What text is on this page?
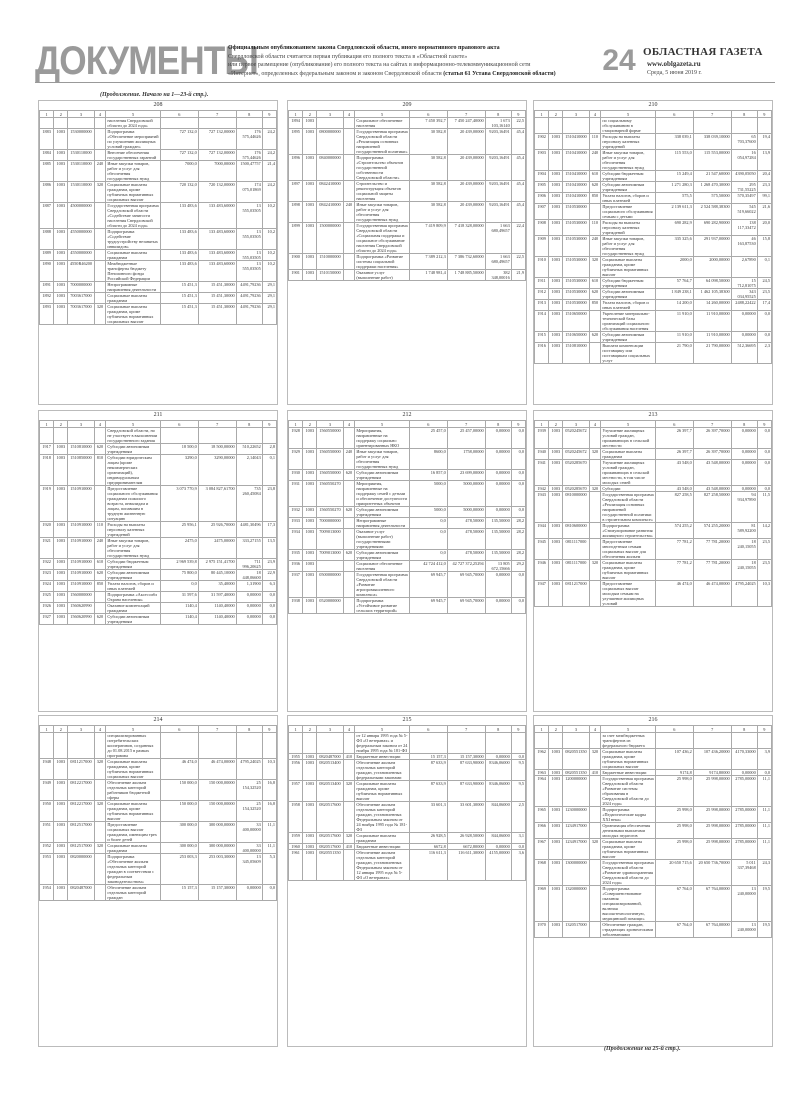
ДОКУМЕНТЫ
Официальным опубликованием закона Свердловской области, иного нормативного правового акта
Свердловской области считается первая публикация его полного текста в «Областной газете»
или первое размещение (опубликование) его полного текста на сайтах в информационно-телекоммуникационной сети
«Интернет», определенных федеральным законом и законом Свердловской области (статья 61 Устава Свердловской области)	24 ОБЛАСТНАЯ ГАЗЕТА
www.oblgazeta.ru
Среда, 5 июня 2019 г.
(Продолжение. Начало на 1—23-й стр.).
208
1	2	3	4	5	6	7	8	9
				населения Свердловской области до 2024 года»				
1883	1003	1530000000		Подпрограмма «Обеспечение мероприятий по улучшению жилищных условий граждан»	727 132,0	727 132,00000	176 575,44626	24,2
1884	1003	1530110000		Внесение обеспечения государственных гарантий	727 132,0	727 132,00000	176 575,44626	24,2
1885	1003	1530110000	240	Иные закупки товаров, работ и услуг для обеспечения государственных нужд	7000,0	7000,00000	1500,47757	21,4
1886	1003	1530110000	320	Социальные выплаты гражданам, кроме публичных нормативных социальных выплат	720 132,0	720 132,00000	174 075,01869	24,2
1887	1003	4500000000		Государственная программа Свердловской области «Содействие занятости населения Свердловской области до 2024 года»	133 483,6	133 483,60000	13 555,03505	10,2
1888	1003	4550000000		Подпрограмма «Содействие трудоустройству незанятых инвалидов»	133 483,6	133 483,60000	13 555,03505	10,2
1889	1003	4550000000		Социальные выплаты гражданам	133 483,6	133 483,60000	13 555,03505	10,2
1890	1003	4550R46200		Межбюджетные трансферты бюджету Пенсионного фонда Российской Федерации	133 483,6	133 483,60000	13 555,03505	10,2
1891	1003	7000000000		Непрограммные направления деятельности	15 451,3	15 451,30000	4491,79236	29,1
1892	1003	7003617000		Социальные выплаты гражданам	15 451,3	15 451,30000	4491,79236	29,1
1893	1003	7003617000	320	Социальные выплаты гражданам, кроме публичных нормативных социальных выплат	15 451,3	15 451,30000	4491,79236	29,1
209
1	2	3	4	5	6	7	8	9
1894	1003			Социальное обеспечение населения	7 450 392,7	7 450 247,40000	1 673 103,16140	22,5
1895	1003	0800000000		Государственная программа Свердловской области «Реализация основных направлений государственной политики»	30 582,8	20 439,00000	9203,16491	45,4
1896	1003	0840000000		Подпрограмма «Строительство объектов государственной собственности Свердловской области»	30 582,8	20 439,00000	9203,16491	45,4
1897	1003	0842410000		Строительство и реконструкция объектов социальной защиты населения	30 582,8	20 439,00000	9203,16491	45,4
1898	1003	0842410000	240	Иные закупки товаров, работ и услуг для обеспечения государственных нужд	30 582,8	20 439,00000	9203,16491	45,4
1899	1003	1500000000		Государственная программа Свердловской области «Социальная поддержка и социальное обслуживание населения Свердловской области до 2024 года»	7 419 809,9	7 418 328,00000	1 663 680,49657	22,4
1900	1003	1510000000		Подпрограмма «Развитие системы социальной поддержки населения»	7 389 212,3	7 386 732,60000	1 663 680,49657	22,5
1901	1003	1510150000		Оказание услуг (выполнение работ)	1 748 981,4	1 748 885,50000	382 348,00016	21,9
210
1	2	3	4	5	6	7	8	9
				по социальному обслуживанию в стационарной форме				
1902	1003	1510410000	110	Расходы на выплаты персоналу казенных учреждений	338 039,1	338 039,10000	65 703,37600	19,4
1903	1003	1510410000	240	Иные закупки товаров, работ и услуг для обеспечения государственных нужд	115 553,0	115 553,00000	16 054,97284	13,9
1904	1003	1510410000	610	Субсидии бюджетным учреждениям	15 249,4	21 547,60000	4390,05050	20,4
1905	1003	1510410000	620	Субсидии автономным учреждениям	1 271 280,3	1 268 470,30000	295 731,55225	23,3
1906	1003	1510410000	850	Уплата налогов, сборов и иных платежей	575,5	575,50000	570,35497	99,1
1907	1003	1510530000		Предоставление социального обслуживания семьям с детьми	2 139 611,3	2 524 588,38300	545 519,66022	21,6
1908	1003	1510530000	110	Расходы на выплаты персоналу казенных учреждений	690 282,9	690 282,90000	138 117,33472	20,0
1909	1003	1510530000	240	Иные закупки товаров, работ и услуг для обеспечения государственных нужд	335 325,6	291 937,00000	46 163,87530	15,8
1910	1003	1510530000	320	Социальные выплаты гражданам, кроме публичных нормативных выплат	2000,0	2000,00000	2,67890	0,1
1911	1003	1510530000	610	Субсидии бюджетным учреждениям	57 764,7	64 098,50000	15 712,81075	24,5
1912	1003	1510530000	620	Субсидии автономным учреждениям	1 849 238,1	1 462 105,38300	343 034,95525	23,5
1913	1003	1510530000	850	Уплата налогов, сборов и иных платежей	14 200,0	14 260,00000	2488,22422	17,4
1914	1003	1510650000		Укрепление материально-технической базы организаций социального обслуживания населения	11 910,0	11 910,00000	0,00000	0,0
1915	1003	1510650000	620	Субсидии автономным учреждениям	11 910,0	11 910,00000	0,00000	0,0
1916	1003	1510810000		Выплата компенсации поставщику или поставщикам социальных услуг	21 790,0	21 790,00000	512,36695	2,3
211
1	2	3	4	5	6	7	8	9
				Свердловской области, но не участвует в выполнении государственного задания				
1917	1003	1510810000	620	Субсидии автономным учреждениям	18 500,0	18 500,00000	510,22652	2,8
1918	1003	1510850000	810	Субсидии юридическим лицам (кроме некоммерческих организаций), индивидуальным предпринимателям	3290,0	3290,00000	2,14043	0,1
1919	1003	1510910000		Предоставление социального обслуживания гражданам пожилого возраста, инвалидам и лицам, попавшим в трудную жизненную ситуацию	3 073 770,9	3 084 827,61700	735 260,45084	23,8
1920	1003	1510910000	110	Расходы на выплаты персоналу казенных учреждений	25 956,1	25 926,70000	4481,30496	17,3
1921	1003	1510910000	240	Иные закупки товаров, работ и услуг для обеспечения государственных нужд	2475,0	2475,00000	333,27155	13,5
1922	1003	1510910000	610	Субсидии бюджетным учреждениям	2 969 539,8	2 975 151,41700	711 996,20625	23,9
1923	1003	1510910000	620	Субсидии автономным учреждениям	75 800,0	80 445,10000	18 448,06600	22,9
1924	1003	1510910000	850	Уплата налогов, сборов и иных платежей	0,0	35,40000	1,31900	6,3
1925	1003	1560000000		Подпрограмма «Аксессибл Охрана населения»	31 597,6	31 597,40000	0,00000	0,0
1926	1003	1560620990		Оказание компенсаций гражданам	1140,4	1140,40000	0,00000	0,0
1927	1003	1560620990	620	Субсидии автономным учреждениям	1140,4	1140,40000	0,00000	0,0
212
1	2	3	4	5	6	7	8	9
1928	1003	1560550000		Мероприятия, направленные на поддержку социально ориентированных НКО	25 457,0	25 457,00000	0,00000	0,0
1929	1003	1560550000	240	Иные закупки товаров, работ и услуг для обеспечения государственных нужд	8600,0	1758,00000	0,00000	0,0
1930	1003	1560550000	620	Субсидии автономным учреждениям	16 857,0	23 699,00000	0,00000	0,0
1931	1003	1560550270		Мероприятия, направленные на поддержку семей с детьми и обеспечение доступности приоритетных объектов	5000,0	5000,00000	0,00000	0,0
1932	1003	1560550270	620	Субсидии автономным учреждениям	5000,0	5000,00000	0,00000	0,0
1933	1003	7000000000		Непрограммные направления деятельности	0,0	478,50000	135,50000	28,2
1934	1003	7009013000		Оказание услуг (выполнение работ) государственными учреждениями	0,0	478,50000	135,50000	28,2
1935	1003	7009013000	620	Субсидии автономным учреждениям	0,0	478,50000	135,50000	28,2
1936	1003			Социальное обеспечение населения	42 724 412,0	42 727 372,25294	13 805 672,15666	29,2
1937	1003	0500000000		Государственная программа Свердловской области «Развитие агропромышленного комплекса»	69 945,7	69 945,70000	0,00000	0,0
1938	1003	0520000000		Подпрограмма «Устойчивое развитие сельских территорий»	69 945,7	69 945,70000	0,00000	0,0
213
1	2	3	4	5	6	7	8	9
1939	1003	0520245672		Улучшение жилищных условий граждан, проживающих в сельской местности	26 397,7	26 397,70000	0,00000	0,0
1940	1003	0520245672	320	Социальные выплаты гражданам	26 397,7	26 397,70000	0,00000	0,0
1941	1003	0520285670		Улучшение жилищных условий граждан, проживающих в сельской местности, в том числе молодых семей	43 548,0	43 548,00000	0,00000	0,0
1942	1003	0520285670	320	Субсидии	43 548,0	43 548,00000	0,00000	0,0
1943	1003	0810000000		Государственная программа Свердловской области «Реализация основных направлений государственной политики в строительном комплексе»	827 258,5	827 258,50000	94 934,97890	11,5
1944	1003	0810600000		Подпрограмма «Стимулирование развития жилищного строительства»	574 255,2	574 255,20000	81 589,92200	14,2
1945	1003	0811117000		Предоставление многодетным семьям социальных выплат для обеспечения жильем	77 781,2	77 781,20000	18 240,15055	23,5
1946	1003	0811117000	320	Социальные выплаты гражданам, кроме публичных нормативных выплат	77 781,2	77 781,20000	18 240,15055	23,5
1947	1003	0811217000		Предоставление социальных выплат молодым семьям на улучшение жилищных условий	46 474,0	46 474,00000	4795,24025	10,3
214
1	2	3	4	5	6	7	8	9
				специализированных потребительских кооперативов, созданных до 01.08.2015 в рамках программы				
1948	1003	0811217000	320	Социальные выплаты гражданам, кроме публичных нормативных социальных выплат	46 474,0	46 474,00000	4795,24025	10,3
1949	1003	0812217000		Обеспечение жильем отдельных категорий работников бюджетной сферы	150 000,0	150 000,00000	25 154,32520	16,8
1950	1003	0812217000	320	Социальные выплаты гражданам, кроме публичных нормативных выплат	150 000,0	150 000,00000	25 154,32520	16,8
1951	1003	0812517000		Предоставление социальных выплат гражданам, имеющим трех и более детей	300 000,0	300 000,00000	33 400,00000	11,1
1952	1003	0812517000	320	Социальные выплаты гражданам	300 000,0	300 000,00000	33 400,00000	11,1
1953	1003	0820000000		Подпрограмма «Обеспечение жильем отдельных категорий граждан в соответствии с федеральным законодательством»	253 003,3	253 003,30000	13 345,05609	5,3
1954	1003	0820487000		Обеспечение жильем отдельных категорий граждан	15 157,3	15 157,30000	0,00000	0,0
215
1	2	3	4	5	6	7	8	9
				от 12 января 1995 года № 5-ФЗ «О ветеранах» и федеральным законом от 24 ноября 1995 года № 181-ФЗ				
1955	1003	0820487000	410	Бюджетные инвестиции	15 157,3	15 157,30000	0,00000	0,0
1956	1003	0820513400		Обеспечение жильем отдельных категорий граждан, установленных федеральными законами	87 633,9	87 633,90000	8346,06000	9,5
1957	1003	0820513400	320	Социальные выплаты гражданам, кроме публичных нормативных выплат	87 633,9	87 633,90000	8346,06000	9,5
1958	1003	0820517600		Обеспечение жильем отдельных категорий граждан, установленных Федеральным законом от 24 ноября 1995 года № 181-ФЗ	33 601,3	33 601,30000	844,06000	2,5
1959	1003	0820517600	320	Социальные выплаты гражданам	26 928,5	26 928,50000	844,06000	3,1
1960	1003	0820517600	410	Бюджетные инвестиции	6672,8	6672,80000	0,00000	0,0
1961	1003	0820551350		Обеспечение жильем отдельных категорий граждан, установленных Федеральным законом от 12 января 1995 года № 5-ФЗ «О ветеранах»	116 611,3	116 611,30000	4155,00000	3,6
216
1	2	3	4	5	6	7	8	9
				за счет межбюджетных трансфертов из федерального бюджета				
1962	1003	0820551350	320	Социальные выплаты гражданам, кроме публичных нормативных социальных выплат	107 436,2	107 436,20000	4170,33000	3,9
1963	1003	0820551350	410	Бюджетные инвестиции	9174,8	9174,80000	0,00000	0,0
1964	1003	1200000000		Государственная программа Свердловской области «Развитие системы образования в Свердловской области до 2024 года»	25 998,0	25 998,00000	2785,00000	11,1
1965	1003	1230000000		Подпрограмма «Педагогические кадры XXI века»	25 998,0	25 998,00000	2785,00000	11,1
1966	1003	1234917000		Организация обеспечения денежными выплатами молодых педагогов	25 998,0	25 998,00000	2785,00000	11,1
1967	1003	1234917000	320	Социальные выплаты гражданам, кроме публичных нормативных выплат	25 998,0	25 998,00000	2785,00000	11,1
1968	1003	1300000000		Государственная программа Свердловской области «Развитие здравоохранения Свердловской области до 2024 года»	20 650 715,6	20 650 736,70000	5 011 337,39468	24,3
1969	1003	1320000000		Подпрограмма «Совершенствование оказания специализированной, включая высокотехнологичную, медицинской помощи»	67 764,0	67 764,00000	13 240,00000	19,5
1970	1003	1320517000		Обеспечение граждан, страдающих хроническими заболеваниями	67 764,0	67 764,00000	13 240,00000	19,5
(Продолжение на 25-й стр.).
